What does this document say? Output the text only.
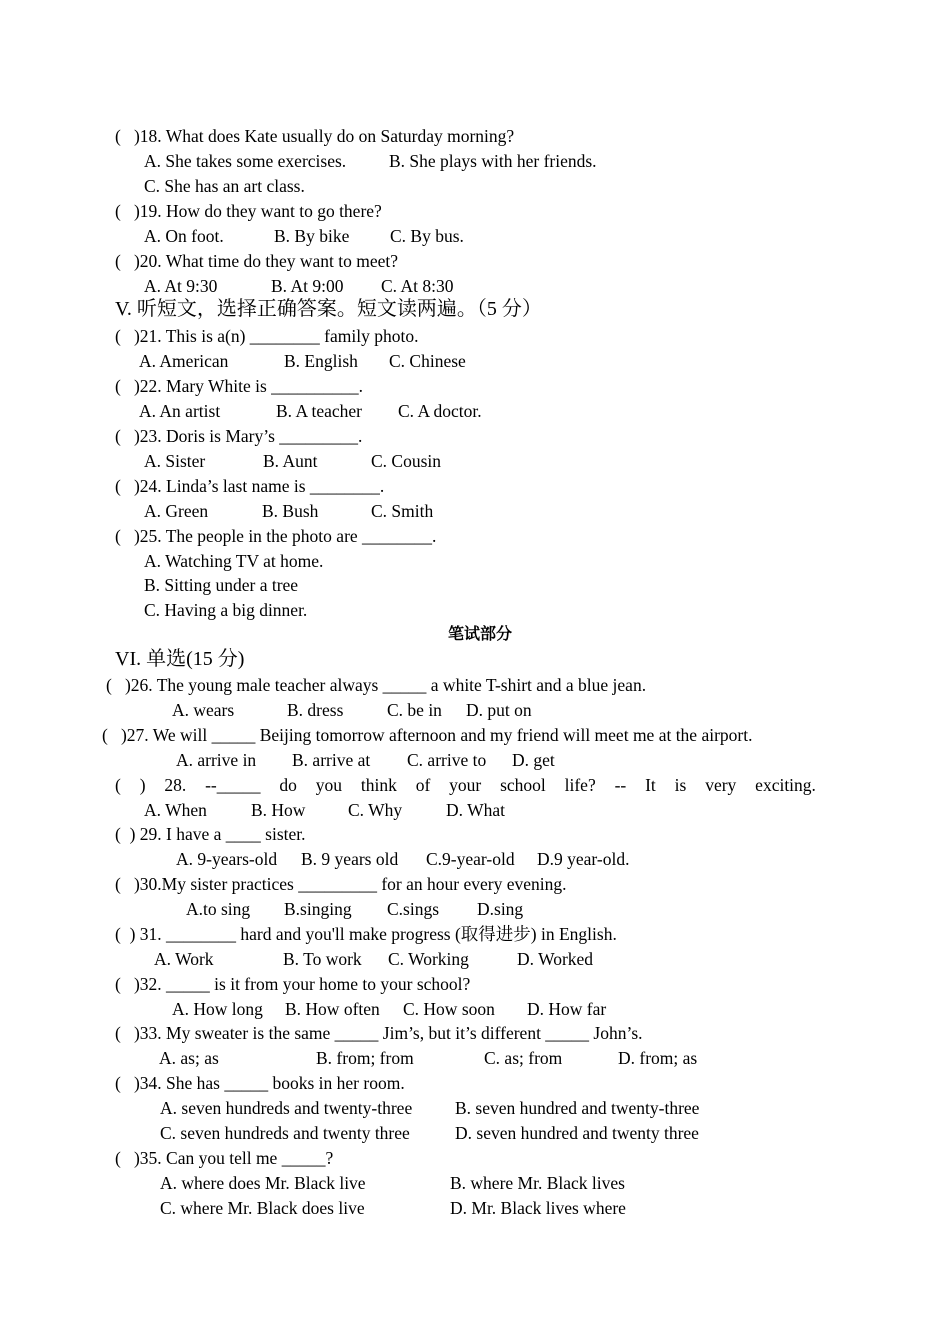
(   )18. What does Kate usually do on Saturday morning?
A. She takes some exercises. B. She plays with her friends.
C. She has an art class.
(   )19. How do they want to go there?
A. On foot.	B. By bike C. By bus.
(   )20. What time do they want to meet?
A. At 9:30	B. At 9:00 C. At 8:30
V. 听短文，选择正确答案。短文读两遍。（5 分）
(   )21. This is a(n) ________ family photo.
A. American	B. English C. Chinese
(   )22. Mary White is __________.
A. An artist	B. A teacher C. A doctor.
(   )23. Doris is Mary’s _________.
A. Sister	B. Aunt	C. Cousin
(   )24. Linda’s last name is ________.
A. Green	B. Bush	C. Smith
(   )25. The people in the photo are ________.
A. Watching TV at home.
B. Sitting under a tree
C. Having a big dinner.
笔试部分
VI. 单选(15 分)
(   )26. The young male teacher always _____ a white T-shirt and a blue jean.
A. wears	B. dress C. be in D. put on
(   )27. We will _____ Beijing tomorrow afternoon and my friend will meet me at the airport.
A. arrive in B. arrive at C. arrive to D. get
( ) 28. --_____ do you think of your school life? -- It is very exciting.
A. When	B. How C. Why	D. What
(  ) 29. I have a ____ sister.
A. 9-years-old B. 9 years old C.9-year-old D.9 year-old.
(   )30.My sister practices _________ for an hour every evening.
A.to sing B.singing C.sings D.sing
(  ) 31. ________ hard and you'll make progress (取得进步) in English.
A. Work	B. To work C. Working	D. Worked
(   )32. _____ is it from your home to your school?
A. How long B. How often C. How soon D. How far
(   )33. My sweater is the same _____ Jim’s, but it’s different _____ John’s.
A. as; as	B. from; from	C. as; from	D. from; as
(   )34. She has _____ books in her room.
A. seven hundreds and twenty-three B. seven hundred and twenty-three
C. seven hundreds and twenty three	D. seven hundred and twenty three
(   )35. Can you tell me _____?
A. where does Mr. Black live	B. where Mr. Black lives
C. where Mr. Black does live	D. Mr. Black lives where
